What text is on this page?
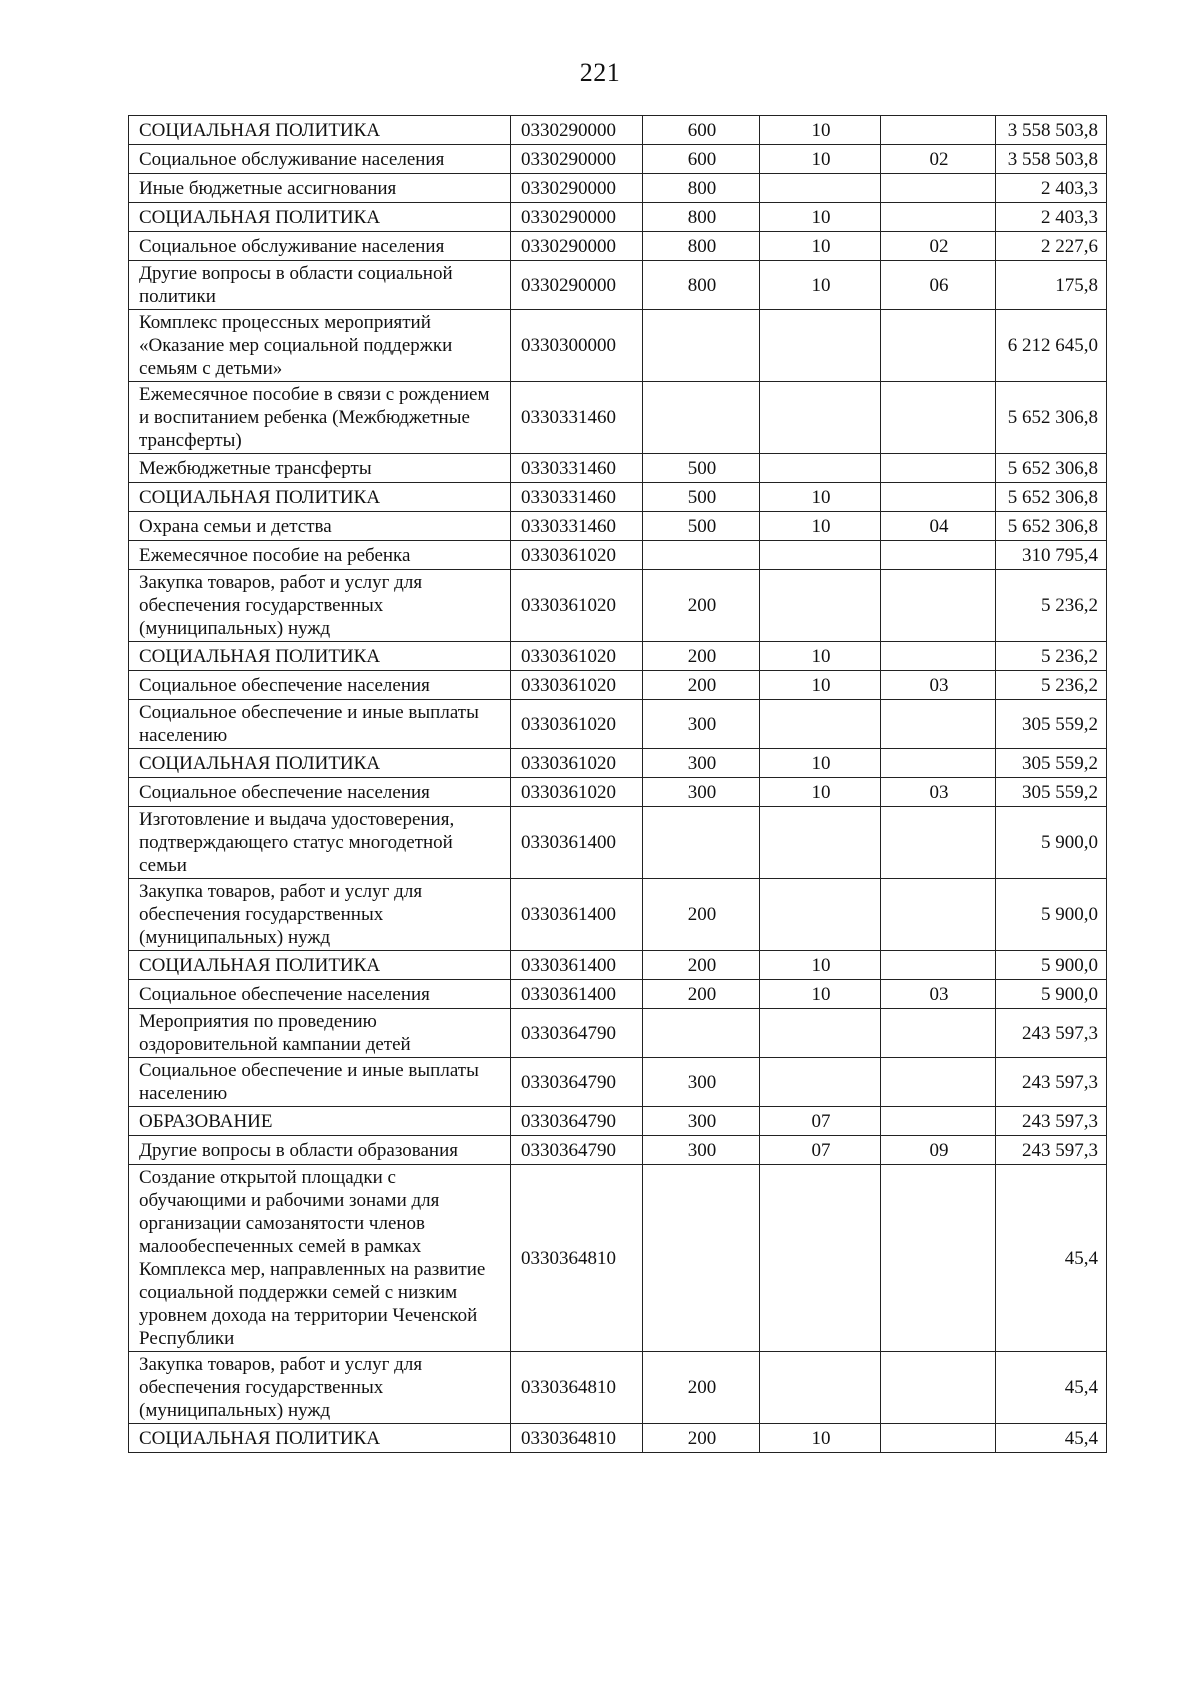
221
СОЦИАЛЬНАЯ ПОЛИТИКА	0330290000	600	10		3 558 503,8
Социальное обслуживание населения	0330290000	600	10	02	3 558 503,8
Иные бюджетные ассигнования	0330290000	800			2 403,3
СОЦИАЛЬНАЯ ПОЛИТИКА	0330290000	800	10		2 403,3
Социальное обслуживание населения	0330290000	800	10	02	2 227,6
Другие вопросы в области социальной политики	0330290000	800	10	06	175,8
Комплекс процессных мероприятий «Оказание мер социальной поддержки семьям с детьми»	0330300000				6 212 645,0
Ежемесячное пособие в связи с рождением и воспитанием ребенка (Межбюджетные трансферты)	0330331460				5 652 306,8
Межбюджетные трансферты	0330331460	500			5 652 306,8
СОЦИАЛЬНАЯ ПОЛИТИКА	0330331460	500	10		5 652 306,8
Охрана семьи и детства	0330331460	500	10	04	5 652 306,8
Ежемесячное пособие на ребенка	0330361020				310 795,4
Закупка товаров, работ и услуг для обеспечения государственных (муниципальных) нужд	0330361020	200			5 236,2
СОЦИАЛЬНАЯ ПОЛИТИКА	0330361020	200	10		5 236,2
Социальное обеспечение населения	0330361020	200	10	03	5 236,2
Социальное обеспечение и иные выплаты населению	0330361020	300			305 559,2
СОЦИАЛЬНАЯ ПОЛИТИКА	0330361020	300	10		305 559,2
Социальное обеспечение населения	0330361020	300	10	03	305 559,2
Изготовление и выдача удостоверения, подтверждающего статус многодетной семьи	0330361400				5 900,0
Закупка товаров, работ и услуг для обеспечения государственных (муниципальных) нужд	0330361400	200			5 900,0
СОЦИАЛЬНАЯ ПОЛИТИКА	0330361400	200	10		5 900,0
Социальное обеспечение населения	0330361400	200	10	03	5 900,0
Мероприятия по проведению оздоровительной кампании детей	0330364790				243 597,3
Социальное обеспечение и иные выплаты населению	0330364790	300			243 597,3
ОБРАЗОВАНИЕ	0330364790	300	07		243 597,3
Другие вопросы в области образования	0330364790	300	07	09	243 597,3
Создание открытой площадки с обучающими и рабочими зонами для организации самозанятости членов малообеспеченных семей в рамках Комплекса мер, направленных на развитие социальной поддержки семей с низким уровнем дохода на территории Чеченской Республики	0330364810				45,4
Закупка товаров, работ и услуг для обеспечения государственных (муниципальных) нужд	0330364810	200			45,4
СОЦИАЛЬНАЯ ПОЛИТИКА	0330364810	200	10		45,4
